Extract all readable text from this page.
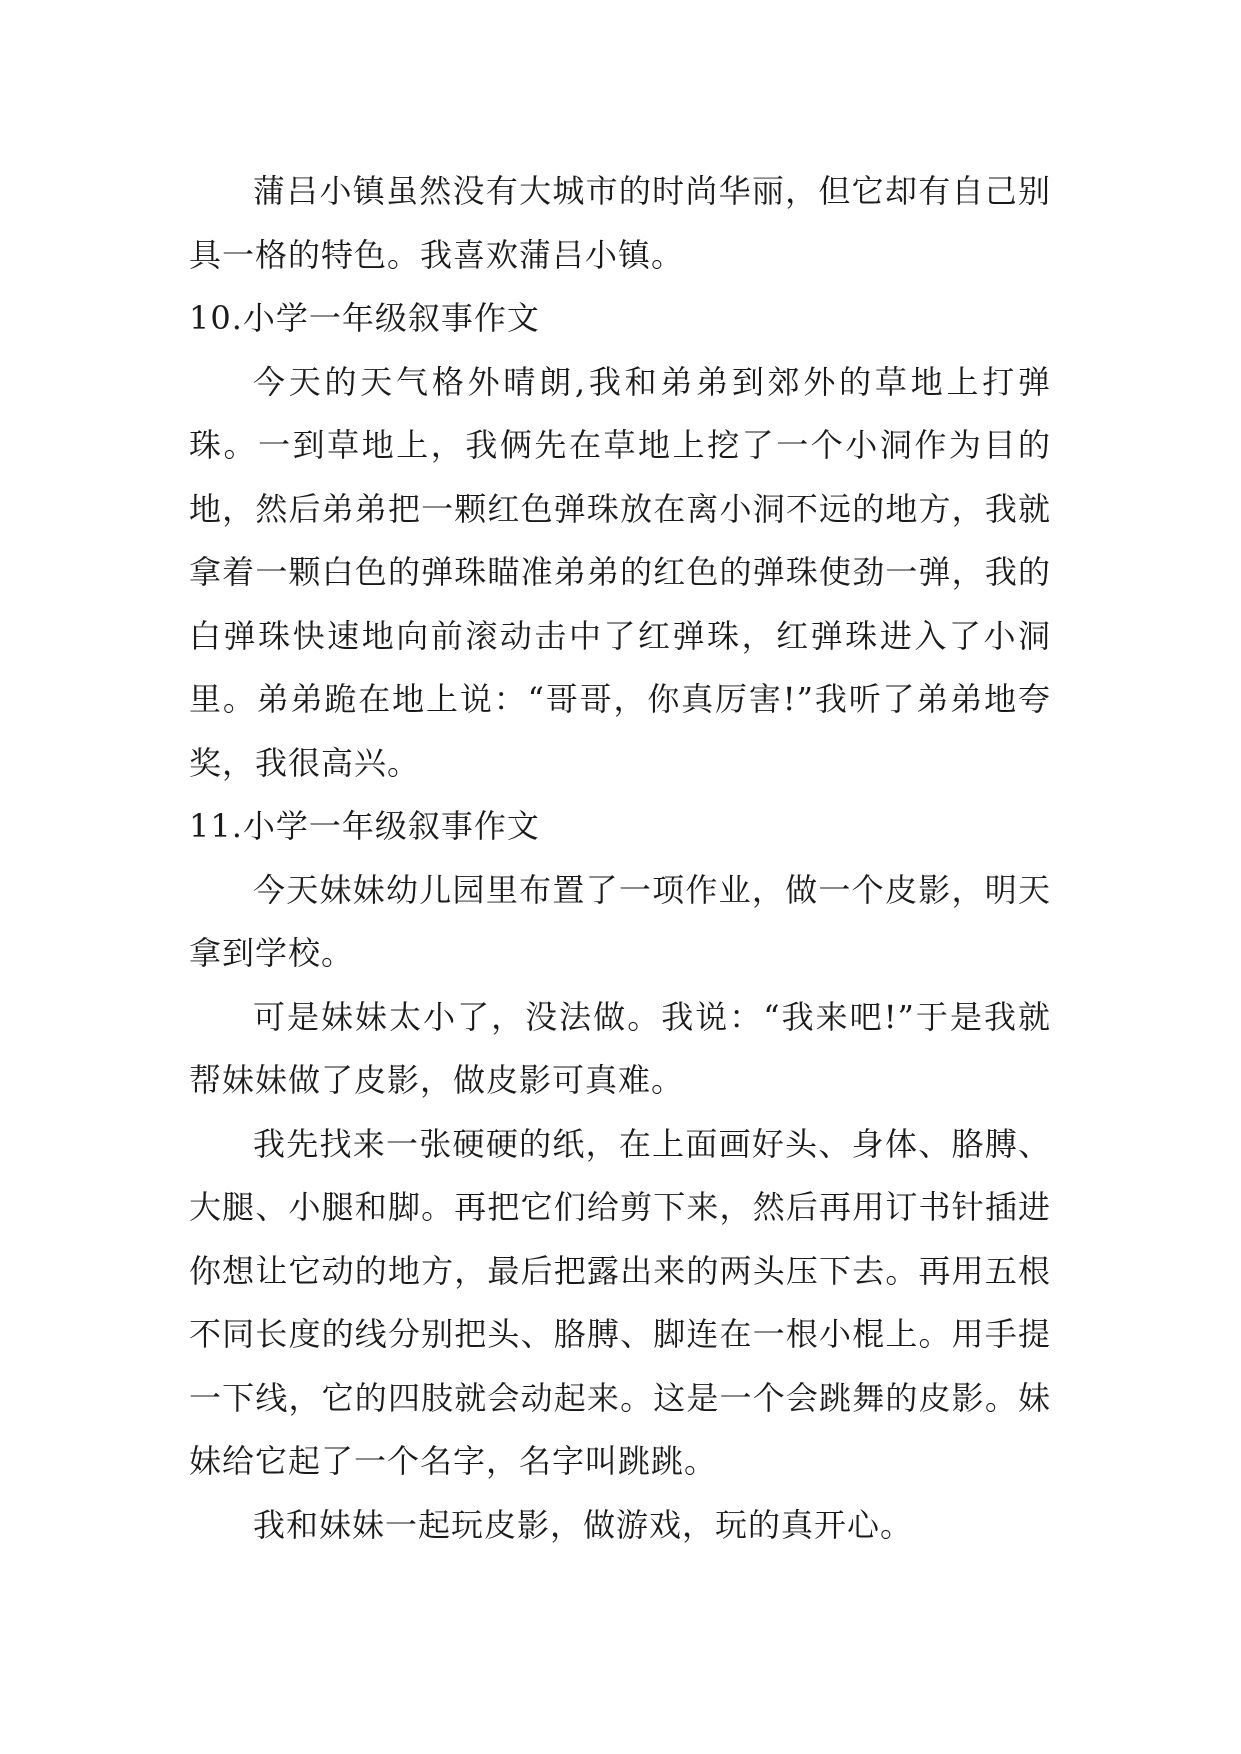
蒲吕小镇虽然没有大城市的时尚华丽，但它却有自己别具一格的特色。我喜欢蒲吕小镇。

10.小学一年级叙事作文

今天的天气格外晴朗,我和弟弟到郊外的草地上打弹珠。一到草地上，我俩先在草地上挖了一个小洞作为目的地，然后弟弟把一颗红色弹珠放在离小洞不远的地方，我就拿着一颗白色的弹珠瞄准弟弟的红色的弹珠使劲一弹，我的白弹珠快速地向前滚动击中了红弹珠，红弹珠进入了小洞里。弟弟跪在地上说：“哥哥，你真厉害!”我听了弟弟地夸奖，我很高兴。

11.小学一年级叙事作文

今天妹妹幼儿园里布置了一项作业，做一个皮影，明天拿到学校。

可是妹妹太小了，没法做。我说：“我来吧!”于是我就帮妹妹做了皮影，做皮影可真难。

我先找来一张硬硬的纸，在上面画好头、身体、胳膊、大腿、小腿和脚。再把它们给剪下来，然后再用订书针插进你想让它动的地方，最后把露出来的两头压下去。再用五根不同长度的线分别把头、胳膊、脚连在一根小棍上。用手提一下线，它的四肢就会动起来。这是一个会跳舞的皮影。妹妹给它起了一个名字，名字叫跳跳。

我和妹妹一起玩皮影，做游戏，玩的真开心。
